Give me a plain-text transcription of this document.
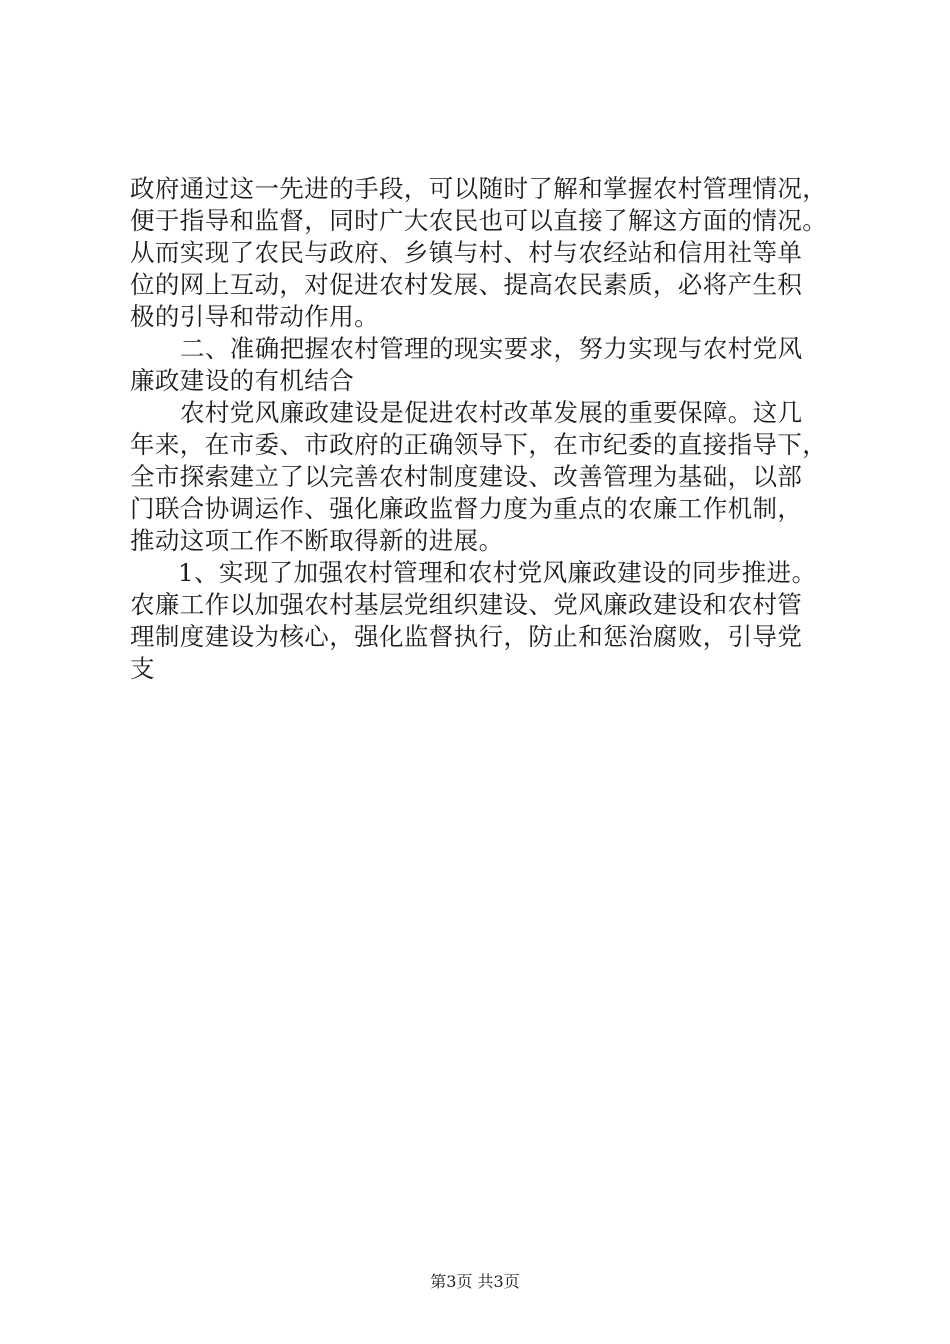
政府通过这一先进的手段，可以随时了解和掌握农村管理情况，
便于指导和监督，同时广大农民也可以直接了解这方面的情况。
从而实现了农民与政府、乡镇与村、村与农经站和信用社等单
位的网上互动，对促进农村发展、提高农民素质，必将产生积
极的引导和带动作用。
二、准确把握农村管理的现实要求，努力实现与农村党风
廉政建设的有机结合
农村党风廉政建设是促进农村改革发展的重要保障。这几
年来，在市委、市政府的正确领导下，在市纪委的直接指导下，
全市探索建立了以完善农村制度建设、改善管理为基础，以部
门联合协调运作、强化廉政监督力度为重点的农廉工作机制，
推动这项工作不断取得新的进展。
1、实现了加强农村管理和农村党风廉政建设的同步推进。
农廉工作以加强农村基层党组织建设、党风廉政建设和农村管
理制度建设为核心，强化监督执行，防止和惩治腐败，引导党
支
第3页 共3页
